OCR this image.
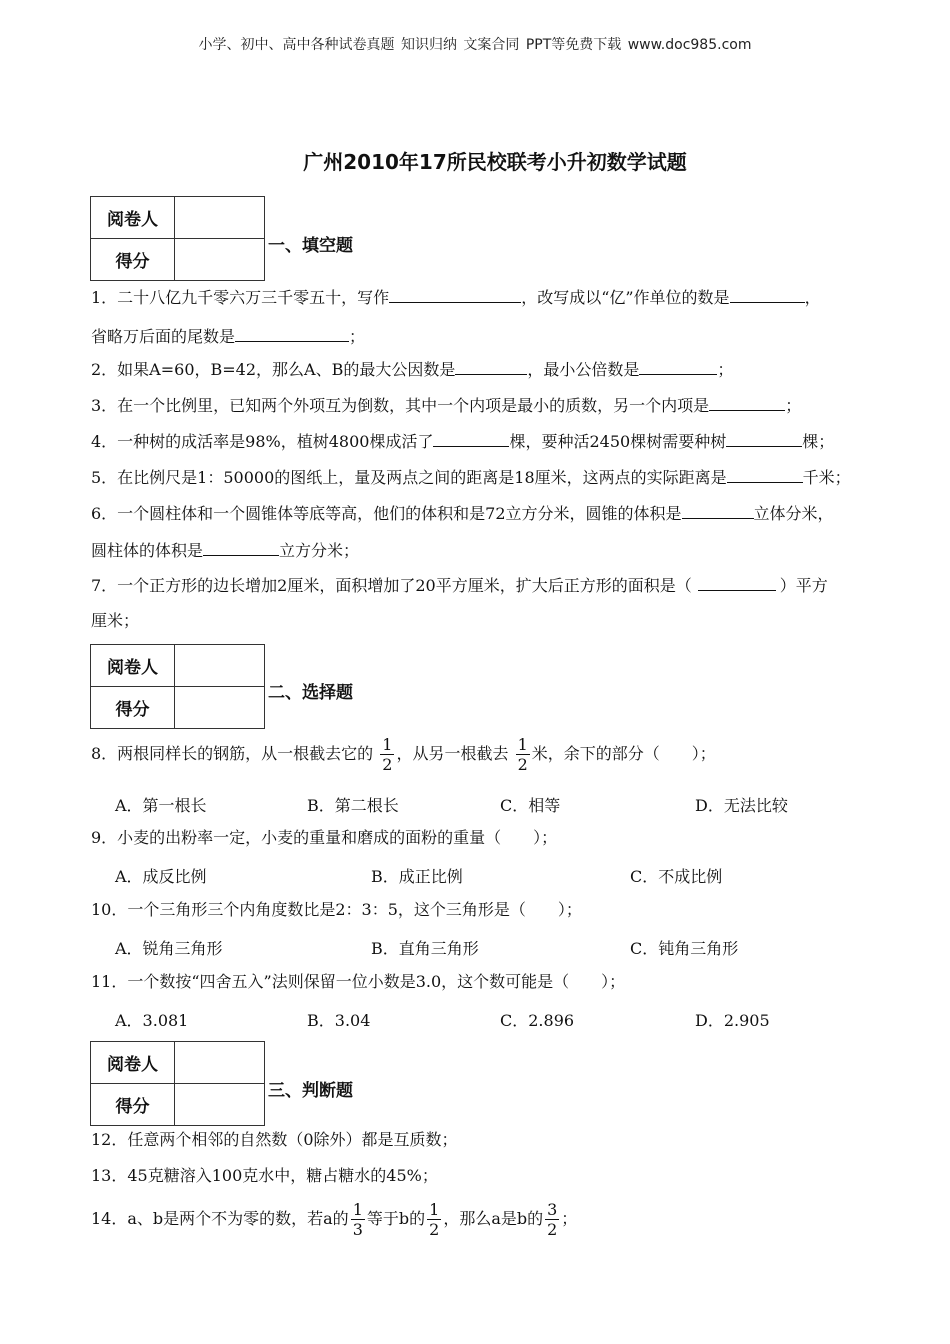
小学、初中、高中各种试卷真题 知识归纳 文案合同 PPT等免费下载 www.doc985.com
广州2010年17所民校联考小升初数学试题
阅卷人	
得分	
一、填空题
1．二十八亿九千零六万三千零五十，写作	，改写成以“亿”作单位的数是	，
省略万后面的尾数是	；
2．如果A=60，B=42，那么A、B的最大公因数是	，最小公倍数是	；
3．在一个比例里，已知两个外项互为倒数，其中一个内项是最小的质数，另一个内项是	；
4．一种树的成活率是98%，植树4800棵成活了	棵，要种活2450棵树需要种树	棵；
5．在比例尺是1：50000的图纸上，量及两点之间的距离是18厘米，这两点的实际距离是	千米；
6．一个圆柱体和一个圆锥体等底等高，他们的体积和是72立方分米，圆锥的体积是	立体分米，
圆柱体的体积是	立方分米；
7．一个正方形的边长增加2厘米，面积增加了20平方厘米，扩大后正方形的面积是（	）平方
厘米；
阅卷人	
得分	
二、选择题
8．两根同样长的钢筋，从一根截去它的 $\frac{1}{2}$ ，从另一根截去 $\frac{1}{2}$ 米，余下的部分（　　）；
A．第一根长	B．第二根长	C．相等	D．无法比较
9．小麦的出粉率一定，小麦的重量和磨成的面粉的重量（　　）；
A．成反比例	B．成正比例	C．不成比例
10．一个三角形三个内角度数比是2：3：5，这个三角形是（　　）；
A．锐角三角形	B．直角三角形	C．钝角三角形
11．一个数按“四舍五入”法则保留一位小数是3.0，这个数可能是（　　）；
A．3.081	B．3.04	C．2.896	D．2.905
阅卷人	
得分	
三、判断题
12．任意两个相邻的自然数（0除外）都是互质数；
13．45克糖溶入100克水中，糖占糖水的45%；
14．a、b是两个不为零的数，若a的 $\frac{1}{3}$ 等于b的 $\frac{1}{2}$ ，那么a是b的 $\frac{3}{2}$ ；
